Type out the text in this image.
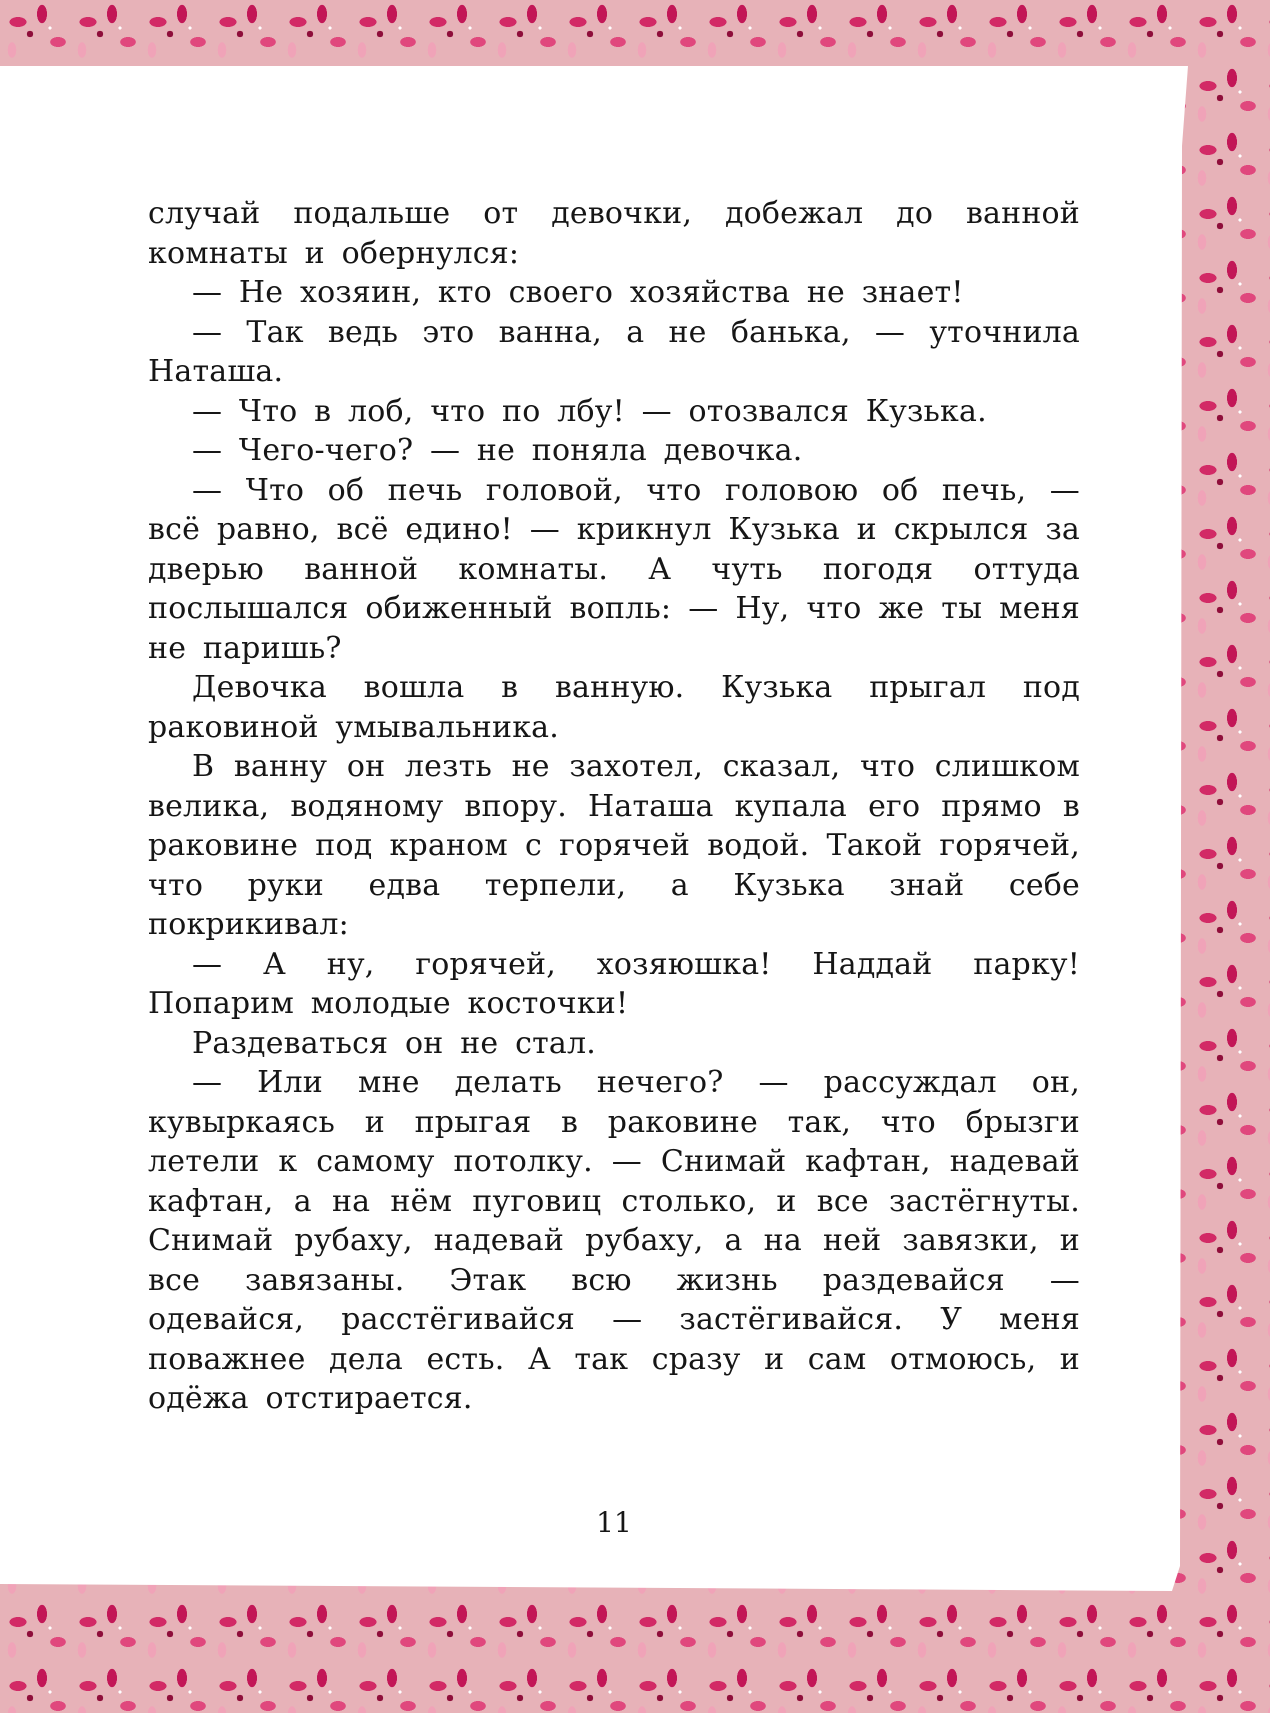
случай подальше от девочки, добежал до ванной комнаты и обернулся:

— Не хозяин, кто своего хозяйства не знает!

— Так ведь это ванна, а не банька, — уточнила Наташа.

— Что в лоб, что по лбу! — отозвался Кузька.

— Чего-чего? — не поняла девочка.

— Что об печь головой, что головою об печь, — всё равно, всё едино! — крикнул Кузька и скрылся за дверью ванной комнаты. А чуть погодя оттуда послышался обиженный вопль: — Ну, что же ты меня не паришь?

Девочка вошла в ванную. Кузька прыгал под раковиной умывальника.

В ванну он лезть не захотел, сказал, что слишком велика, водяному впору. Наташа купала его прямо в раковине под краном с горячей водой. Такой горячей, что руки едва терпели, а Кузька знай себе покрикивал:

— А ну, горячей, хозяюшка! Наддай парку! Попарим молодые косточки!

Раздеваться он не стал.

— Или мне делать нечего? — рассуждал он, кувыркаясь и прыгая в раковине так, что брызги летели к самому потолку. — Снимай кафтан, надевай кафтан, а на нём пуговиц столько, и все застёгнуты. Снимай рубаху, надевай рубаху, а на ней завязки, и все завязаны. Этак всю жизнь раздевайся — одевайся, расстёгивайся — застёгивайся. У меня поважнее дела есть. А так сразу и сам отмоюсь, и одёжа отстирается.

11
